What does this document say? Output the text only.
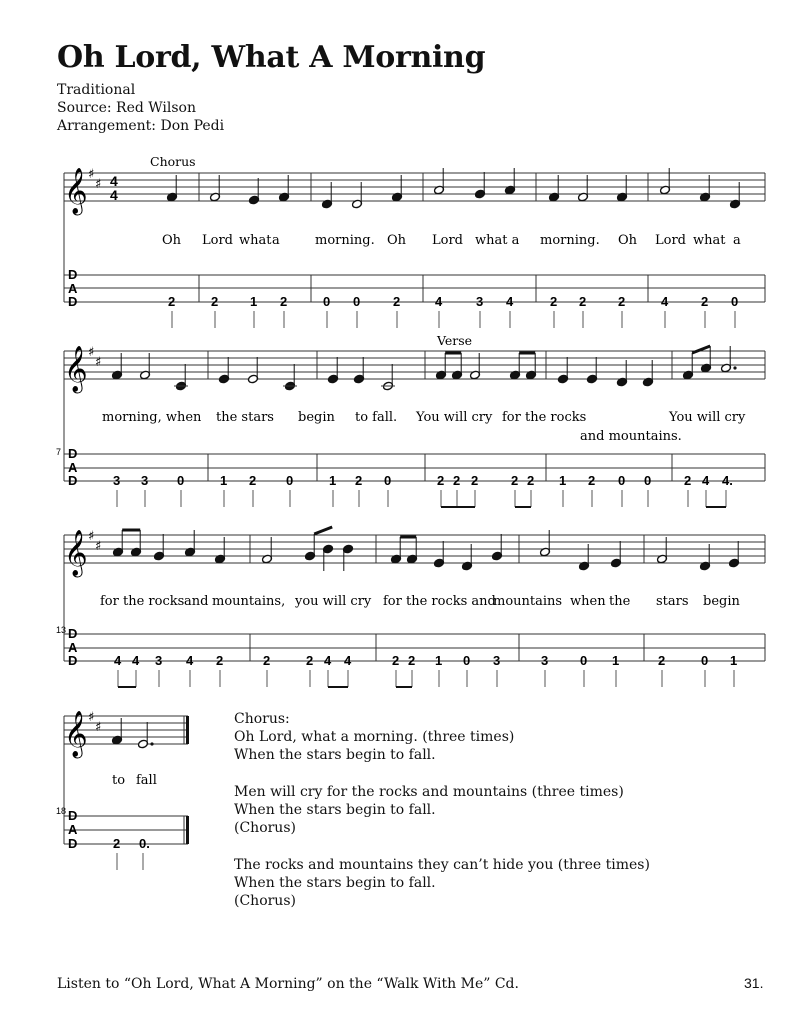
Oh Lord, What A Morning
Traditional
Source: Red Wilson
Arrangement: Don Pedi
Chorus
Verse
7
13
18
𝄞 ♯
♯ 4
4
D
A
D
Oh Lord what a	morning. Oh Lord what a morning. Oh Lord what a
2	2 1 2	0 0	2	4	3 4	2 2 2	4	2 0
𝄞 ♯
♯
D
A
D
morning, when the stars begin to fall. You will cry for the rocks	You will cry
and mountains.
3 3 0	1 2 0	1 2 0	2 2 2	2 2 1 2 0 0	2 4 4.
𝄞 ♯
♯
D
A
D
for the rocks and mountains, you will cry for the rocks and
mountains when the stars begin
4 4 3 4 2	2	2 4 4	2 2 1 0 3	3 0 1	2	0 1
𝄞 ♯
♯
D
A
D
to fall
2 0.
Chorus:
Oh Lord, what a morning. (three times)
When the stars begin to fall.

Men will cry for the rocks and mountains (three times)
When the stars begin to fall.
(Chorus)

The rocks and mountains they can’t hide you (three times)
When the stars begin to fall.
(Chorus)
Listen to “Oh Lord, What A Morning” on the “Walk With Me” Cd.	31.
